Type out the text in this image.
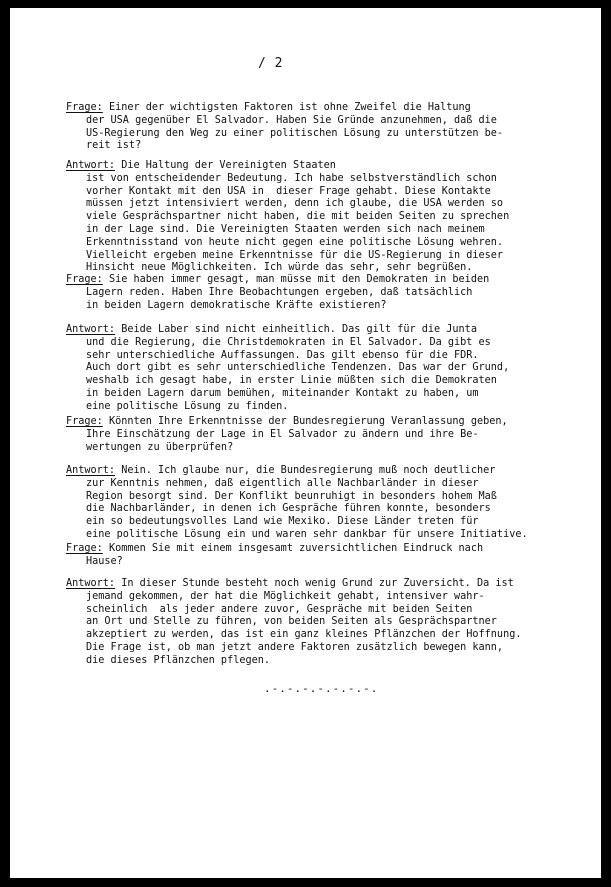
/ 2
Frage: Einer der wichtigsten Faktoren ist ohne Zweifel die Haltung
der USA gegenüber El Salvador. Haben Sie Gründe anzunehmen, daß die
US-Regierung den Weg zu einer politischen Lösung zu unterstützen be-
reit ist?
Antwort: Die Haltung der Vereinigten Staaten
ist von entscheidender Bedeutung. Ich habe selbstverständlich schon
vorher Kontakt mit den USA in  dieser Frage gehabt. Diese Kontakte
müssen jetzt intensiviert werden, denn ich glaube, die USA werden so
viele Gesprächspartner nicht haben, die mit beiden Seiten zu sprechen
in der Lage sind. Die Vereinigten Staaten werden sich nach meinem
Erkenntnisstand von heute nicht gegen eine politische Lösung wehren.
Vielleicht ergeben meine Erkenntnisse für die US-Regierung in dieser
Hinsicht neue Möglichkeiten. Ich würde das sehr, sehr begrüßen.
Frage: Sie haben immer gesagt, man müsse mit den Demokraten in beiden
Lagern reden. Haben Ihre Beobachtungen ergeben, daß tatsächlich
in beiden Lagern demokratische Kräfte existieren?
Antwort: Beide Laber sind nicht einheitlich. Das gilt für die Junta
und die Regierung, die Christdemokraten in El Salvador. Da gibt es
sehr unterschiedliche Auffassungen. Das gilt ebenso für die FDR.
Auch dort gibt es sehr unterschiedliche Tendenzen. Das war der Grund,
weshalb ich gesagt habe, in erster Linie müßten sich die Demokraten
in beiden Lagern darum bemühen, miteinander Kontakt zu haben, um
eine politische Lösung zu finden.
Frage: Könnten Ihre Erkenntnisse der Bundesregierung Veranlassung geben,
Ihre Einschätzung der Lage in El Salvador zu ändern und ihre Be-
wertungen zu überprüfen?
Antwort: Nein. Ich glaube nur, die Bundesregierung muß noch deutlicher
zur Kenntnis nehmen, daß eigentlich alle Nachbarländer in dieser
Region besorgt sind. Der Konflikt beunruhigt in besonders hohem Maß
die Nachbarländer, in denen ich Gespräche führen konnte, besonders
ein so bedeutungsvolles Land wie Mexiko. Diese Länder treten für
eine politische Lösung ein und waren sehr dankbar für unsere Initiative.
Frage: Kommen Sie mit einem insgesamt zuversichtlichen Eindruck nach
Hause?
Antwort: In dieser Stunde besteht noch wenig Grund zur Zuversicht. Da ist
jemand gekommen, der hat die Möglichkeit gehabt, intensiver wahr-
scheinlich  als jeder andere zuvor, Gespräche mit beiden Seiten
an Ort und Stelle zu führen, von beiden Seiten als Gesprächspartner
akzeptiert zu werden, das ist ein ganz kleines Pflänzchen der Hoffnung.
Die Frage ist, ob man jetzt andere Faktoren zusätzlich bewegen kann,
die dieses Pflänzchen pflegen.
.-.-.-.-.-.-.-.
